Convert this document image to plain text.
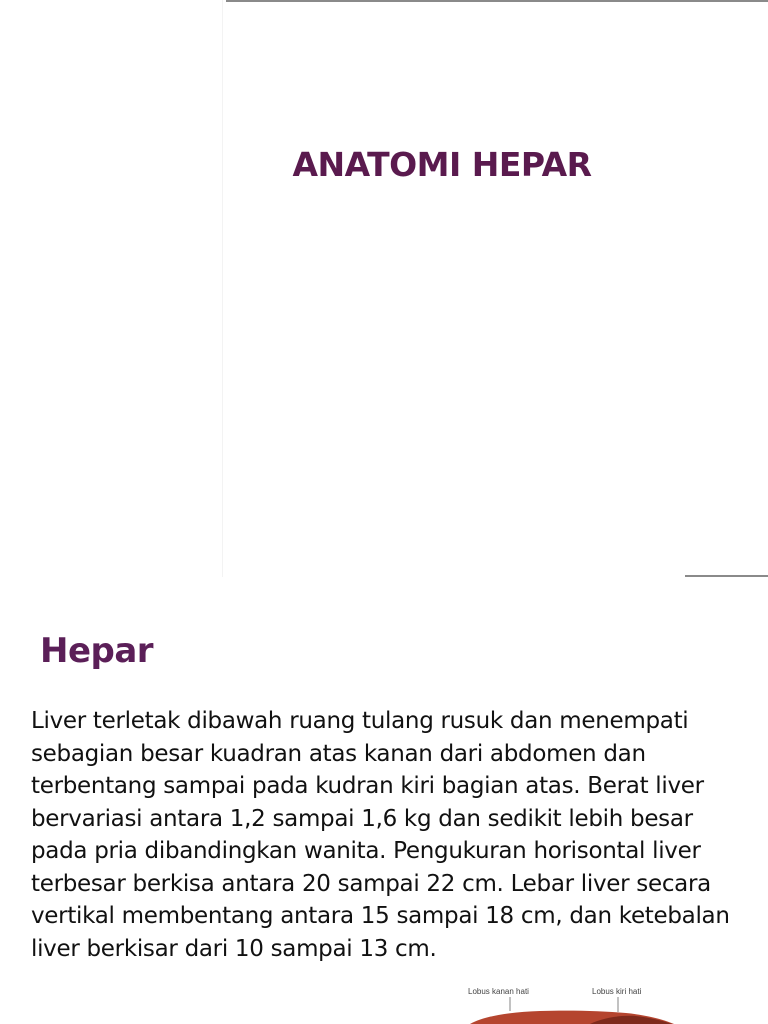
ANATOMI HEPAR
Hepar

Liver terletak dibawah ruang tulang rusuk dan menempati sebagian besar kuadran atas kanan dari abdomen dan terbentang sampai pada kudran kiri bagian atas. Berat liver bervariasi antara 1,2 sampai 1,6 kg dan sedikit lebih besar pada pria dibandingkan wanita. Pengukuran horisontal liver terbesar berkisa antara 20 sampai 22 cm. Lebar liver secara vertikal membentang antara 15 sampai 18 cm, dan ketebalan liver berkisar dari 10 sampai 13 cm.

Lobus kanan hati	Lobus kiri hati
